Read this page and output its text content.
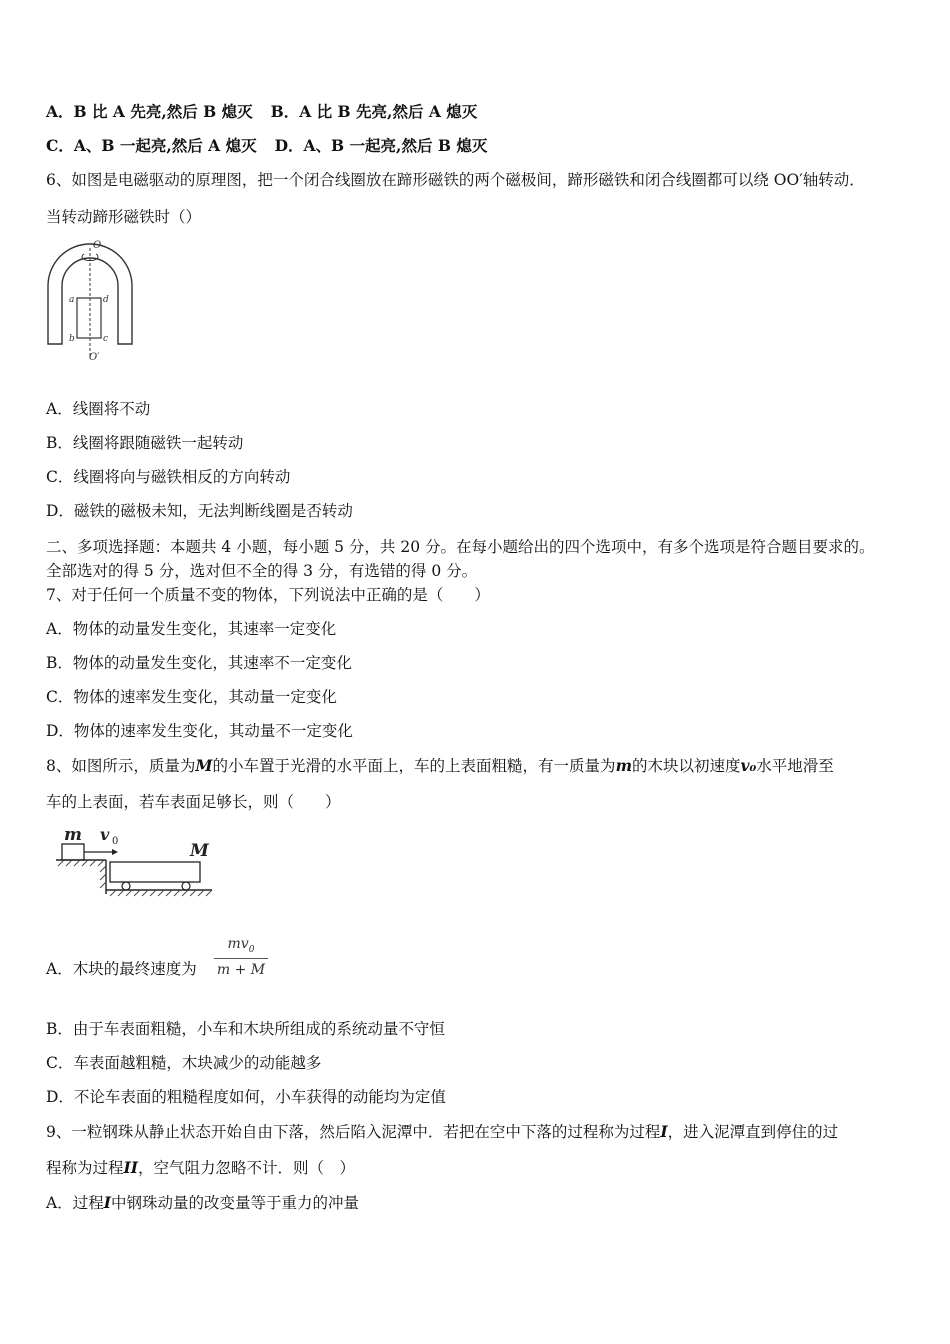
A．B 比 A 先亮,然后 B 熄灭 B．A 比 B 先亮,然后 A 熄灭
C．A、B 一起亮,然后 A 熄灭 D．A、B 一起亮,然后 B 熄灭
6、如图是电磁驱动的原理图，把一个闭合线圈放在蹄形磁铁的两个磁极间，蹄形磁铁和闭合线圈都可以绕 OO′轴转动．
当转动蹄形磁铁时（）
O
O′
a
b	c
d
A．线圈将不动
B．线圈将跟随磁铁一起转动
C．线圈将向与磁铁相反的方向转动
D．磁铁的磁极未知，无法判断线圈是否转动
二、多项选择题：本题共 4 小题，每小题 5 分，共 20 分。在每小题给出的四个选项中，有多个选项是符合题目要求的。
全部选对的得 5 分，选对但不全的得 3 分，有选错的得 0 分。
7、对于任何一个质量不变的物体，下列说法中正确的是（　　）
A．物体的动量发生变化，其速率一定变化
B．物体的动量发生变化，其速率不一定变化
C．物体的速率发生变化，其动量一定变化
D．物体的速率发生变化，其动量不一定变化
8、如图所示，质量为M的小车置于光滑的水平面上，车的上表面粗糙，有一质量为m的木块以初速度v₀水平地滑至
车的上表面，若车表面足够长，则（　　）
m v 0	M
A．木块的最终速度为	$\frac{mv_0}{m + M}$
B．由于车表面粗糙，小车和木块所组成的系统动量不守恒
C．车表面越粗糙，木块减少的动能越多
D．不论车表面的粗糙程度如何，小车获得的动能均为定值
9、一粒钢珠从静止状态开始自由下落，然后陷入泥潭中．若把在空中下落的过程称为过程I，进入泥潭直到停住的过
程称为过程II，空气阻力忽略不计．则（　）
A．过程I中钢珠动量的改变量等于重力的冲量
